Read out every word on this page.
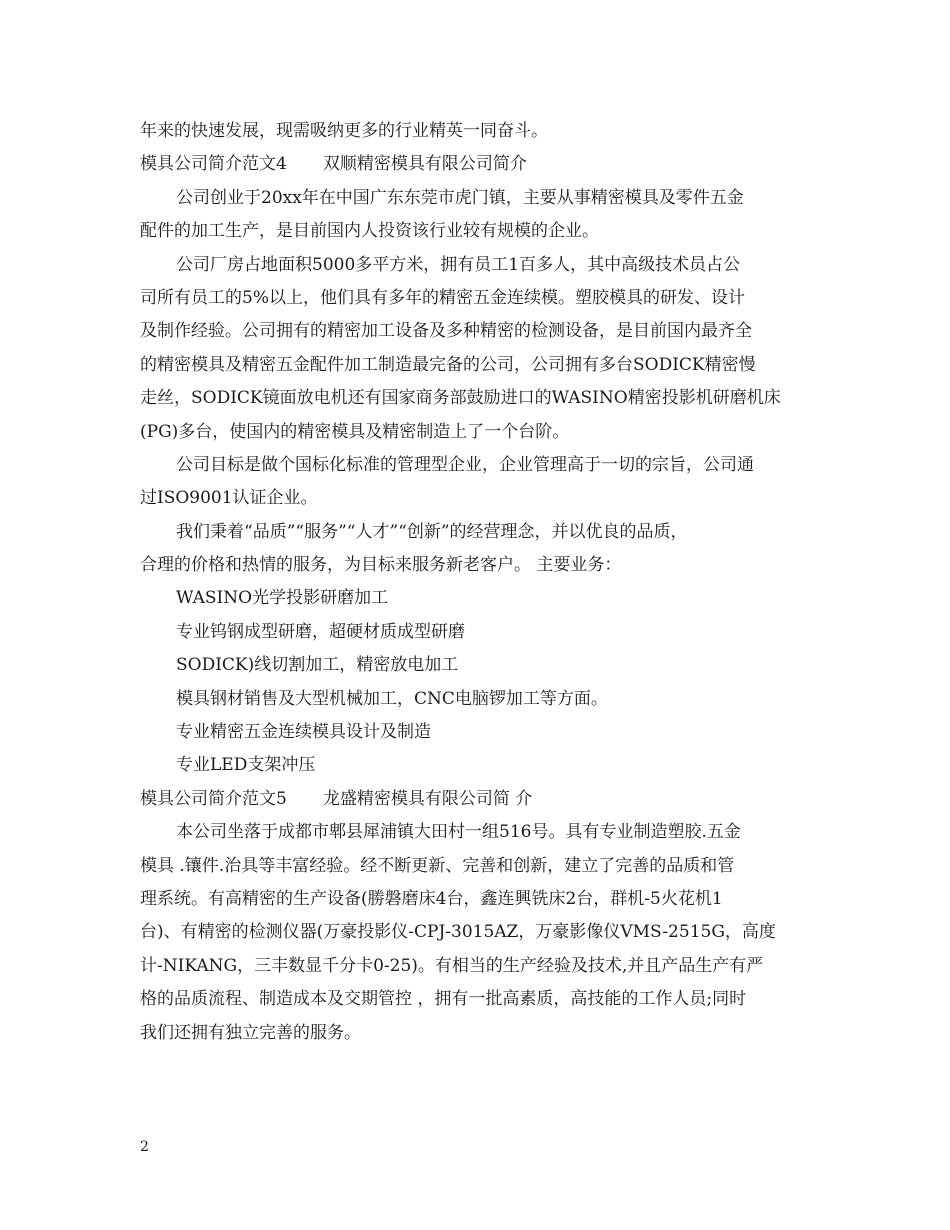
年来的快速发展，现需吸纳更多的行业精英一同奋斗。
模具公司简介范文4 双顺精密模具有限公司简介
公司创业于20xx年在中国广东东莞市虎门镇，主要从事精密模具及零件五金
配件的加工生产，是目前国内人投资该行业较有规模的企业。
公司厂房占地面积5000多平方米，拥有员工1百多人，其中高级技术员占公
司所有员工的5%以上，他们具有多年的精密五金连续模。塑胶模具的研发、设计
及制作经验。公司拥有的精密加工设备及多种精密的检测设备，是目前国内最齐全
的精密模具及精密五金配件加工制造最完备的公司，公司拥有多台SODICK精密慢
走丝，SODICK镜面放电机还有国家商务部鼓励进口的WASINO精密投影机研磨机床
(PG)多台，使国内的精密模具及精密制造上了一个台阶。
公司目标是做个国标化标准的管理型企业，企业管理高于一切的宗旨，公司通
过ISO9001认证企业。
我们秉着“品质”“服务”“人才”“创新”的经营理念，并以优良的品质，
合理的价格和热情的服务，为目标来服务新老客户。 主要业务：
WASINO光学投影研磨加工
专业钨钢成型研磨，超硬材质成型研磨
SODICK)线切割加工，精密放电加工
模具钢材销售及大型机械加工，CNC电脑锣加工等方面。
专业精密五金连续模具设计及制造
专业LED支架冲压
模具公司简介范文5 龙盛精密模具有限公司简 介
本公司坐落于成都市郫县犀浦镇大田村一组516号。具有专业制造塑胶.五金
模具 .镶件.治具等丰富经验。经不断更新、完善和创新，建立了完善的品质和管
理系统。有高精密的生产设备(勝磐磨床4台，鑫连興铣床2台，群机-5火花机1
台)、有精密的检测仪器(万豪投影仪-CPJ-3015AZ，万豪影像仪VMS-2515G，高度
计-NIKANG，三丰数显千分卡0-25)。有相当的生产经验及技术,并且产品生产有严
格的品质流程、制造成本及交期管控 ，拥有一批高素质，高技能的工作人员;同时
我们还拥有独立完善的服务。
2
